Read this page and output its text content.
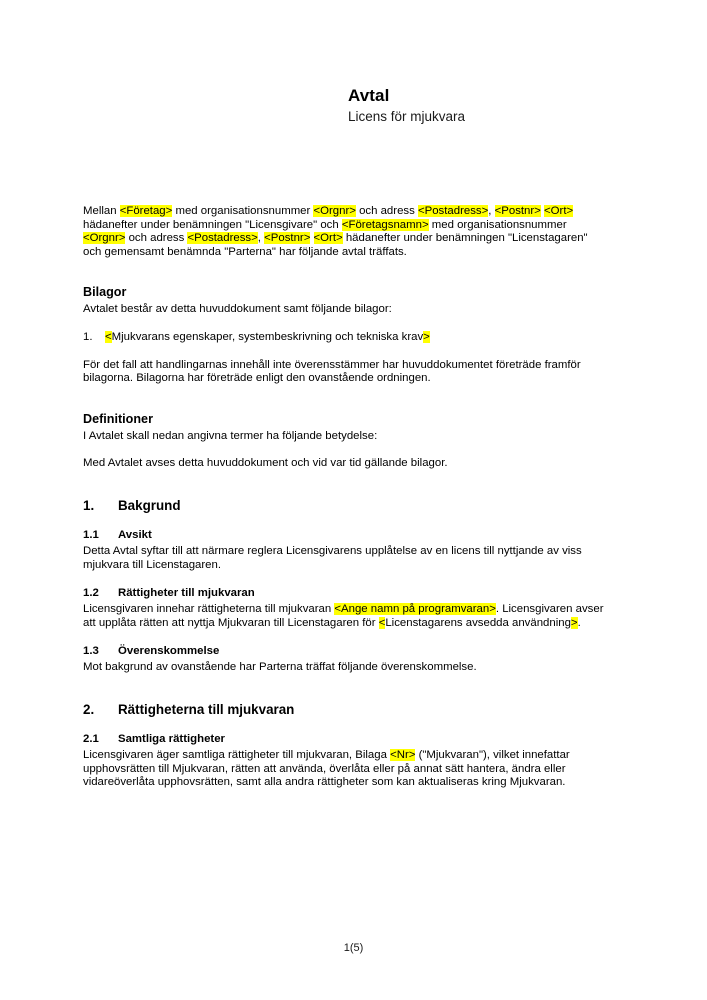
Avtal
Licens för mjukvara

Mellan <Företag> med organisationsnummer <Orgnr> och adress <Postadress>, <Postnr> <Ort> hädanefter under benämningen "Licensgivare" och <Företagsnamn> med organisationsnummer <Orgnr> och adress <Postadress>, <Postnr> <Ort> hädanefter under benämningen "Licenstagaren" och gemensamt benämnda "Parterna" har följande avtal träffats.

Bilagor

Avtalet består av detta huvuddokument samt följande bilagor:

1.	<Mjukvarans egenskaper, systembeskrivning och tekniska krav>

För det fall att handlingarnas innehåll inte överensstämmer har huvuddokumentet företräde framför bilagorna. Bilagorna har företräde enligt den ovanstående ordningen.

Definitioner

I Avtalet skall nedan angivna termer ha följande betydelse:

Med Avtalet avses detta huvuddokument och vid var tid gällande bilagor.

1.	Bakgrund
1.1	Avsikt

Detta Avtal syftar till att närmare reglera Licensgivarens upplåtelse av en licens till nyttjande av viss mjukvara till Licenstagaren.

1.2	Rättigheter till mjukvaran

Licensgivaren innehar rättigheterna till mjukvaran <Ange namn på programvaran>. Licensgivaren avser att upplåta rätten att nyttja Mjukvaran till Licenstagaren för <Licenstagarens avsedda användning>.

1.3	Överenskommelse

Mot bakgrund av ovanstående har Parterna träffat följande överenskommelse.

2.	Rättigheterna till mjukvaran
2.1	Samtliga rättigheter

Licensgivaren äger samtliga rättigheter till mjukvaran, Bilaga <Nr> ("Mjukvaran"), vilket innefattar upphovsrätten till Mjukvaran, rätten att använda, överlåta eller på annat sätt hantera, ändra eller vidareöverlåta upphovsrätten, samt alla andra rättigheter som kan aktualiseras kring Mjukvaran.

1(5)
